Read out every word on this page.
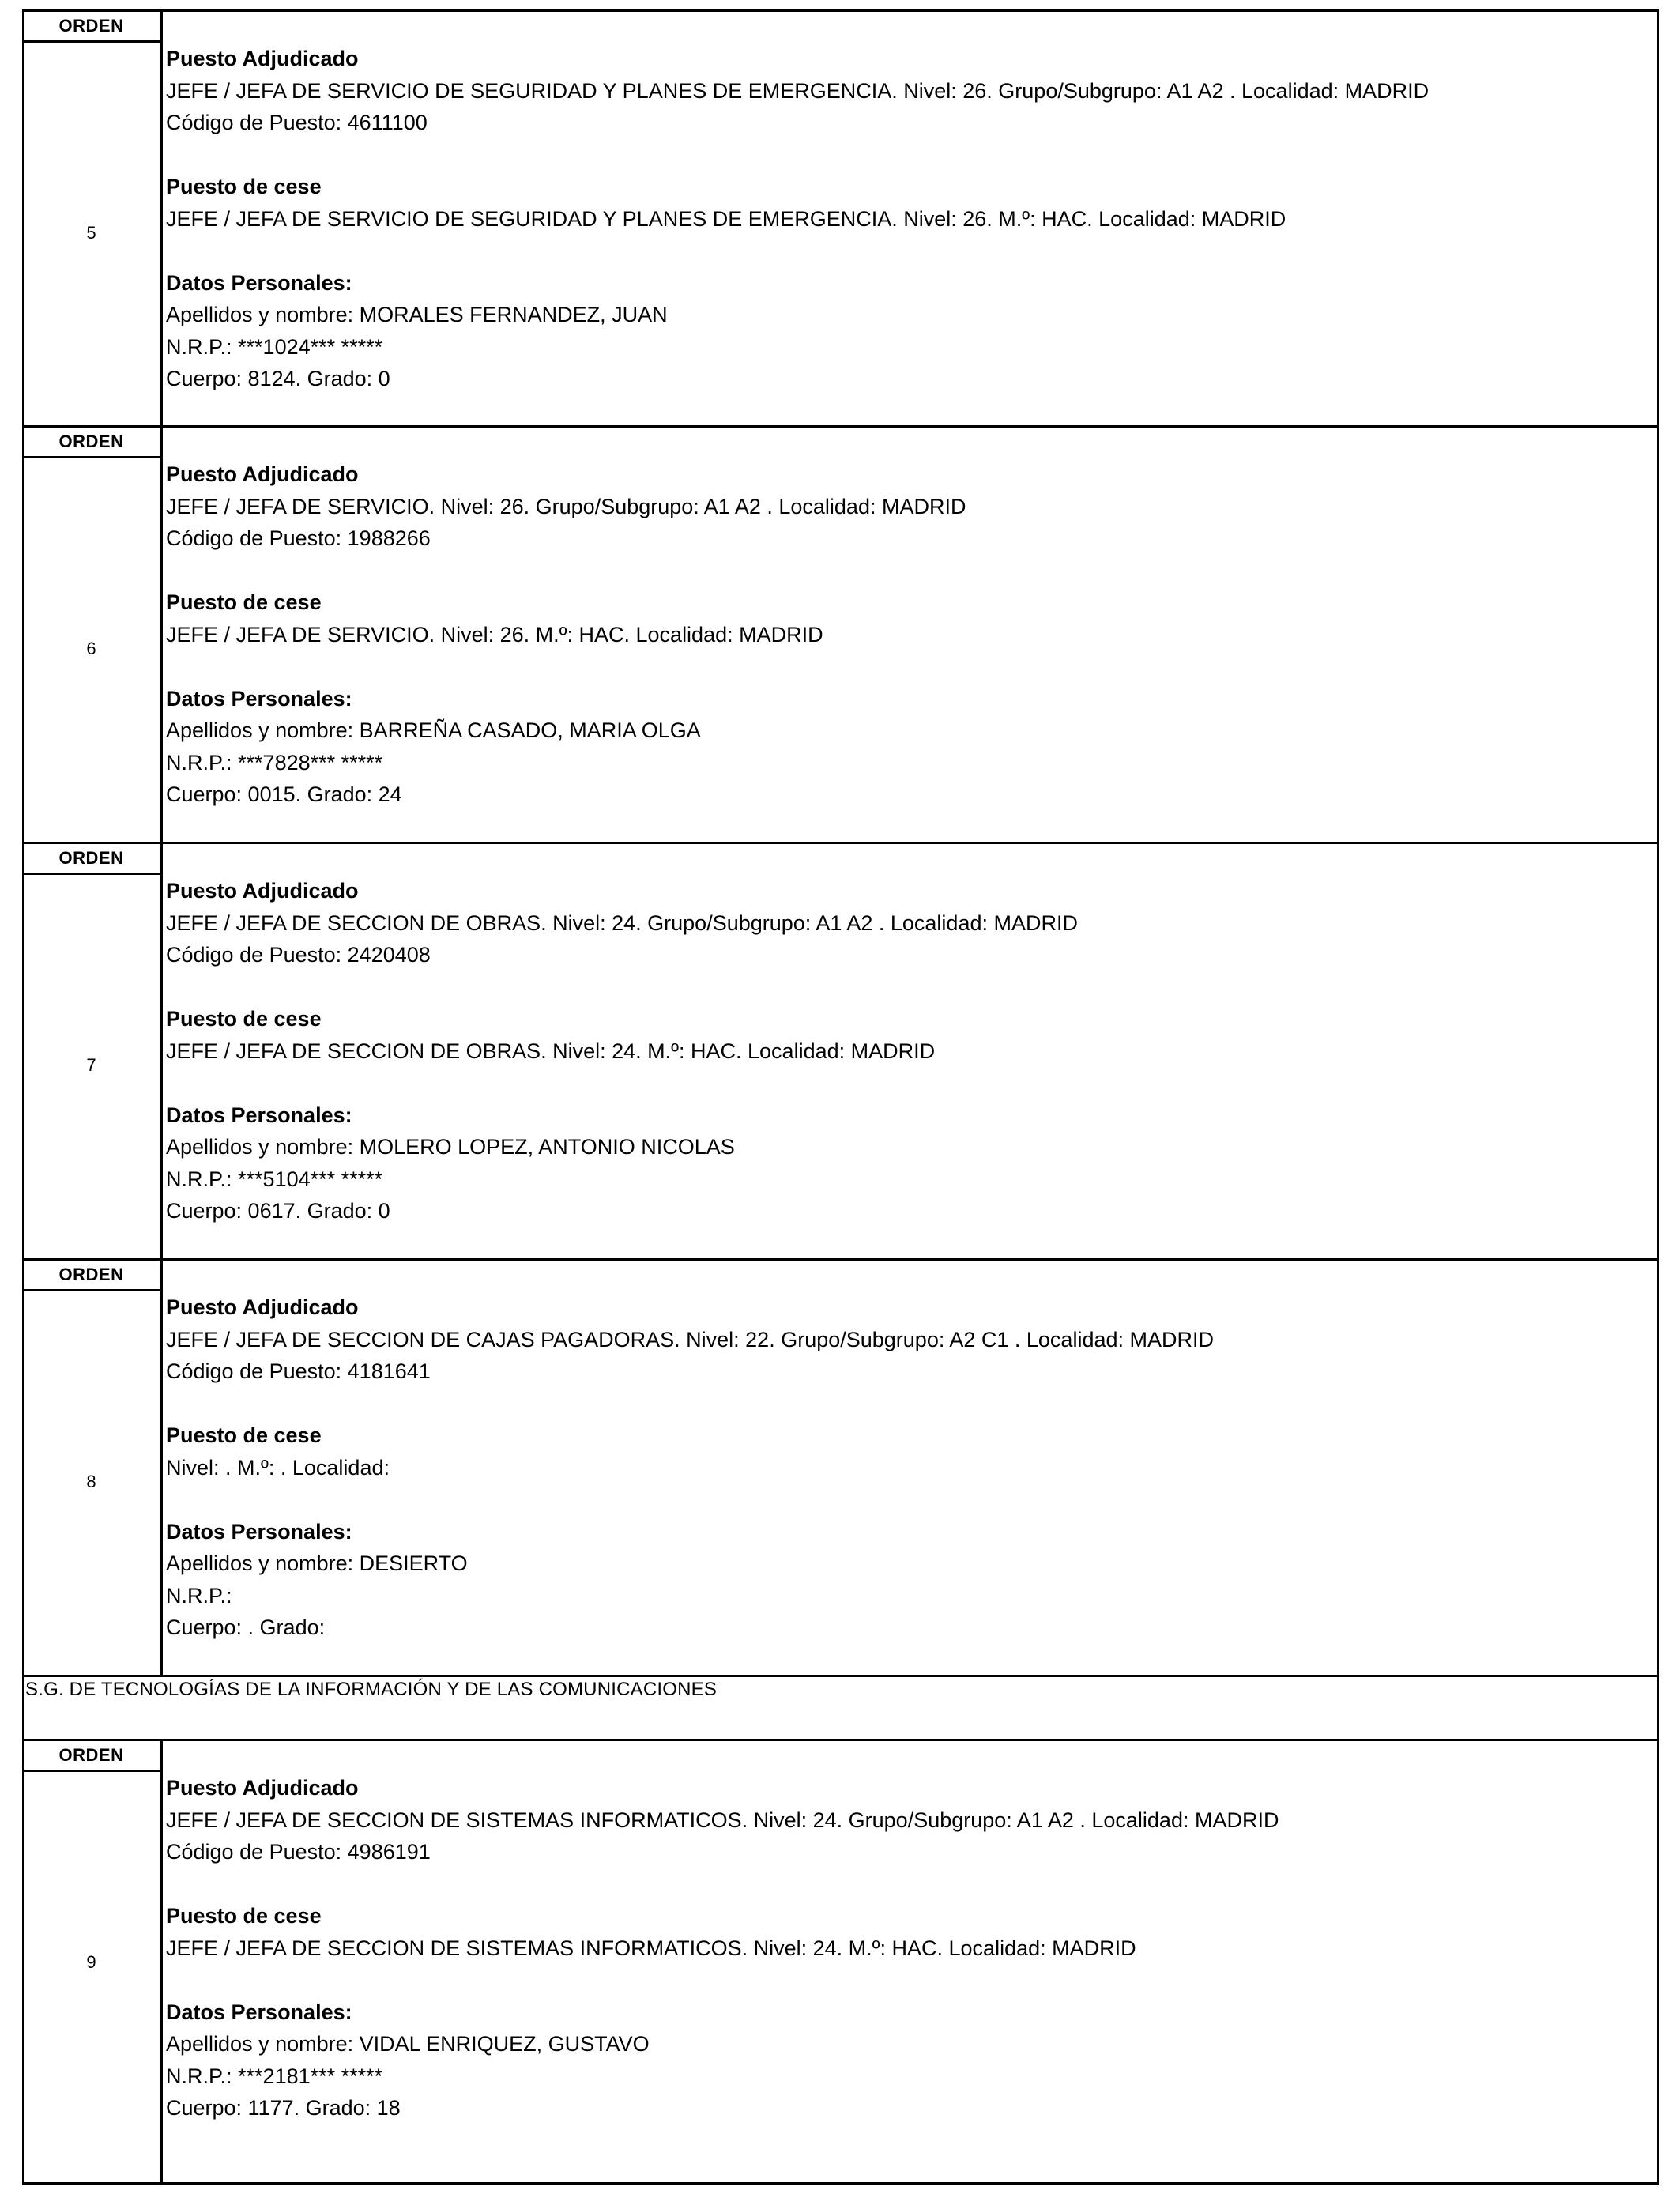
ORDEN
5
Puesto Adjudicado
JEFE / JEFA DE SERVICIO DE SEGURIDAD Y PLANES DE EMERGENCIA. Nivel: 26. Grupo/Subgrupo: A1 A2 . Localidad: MADRID
Código de Puesto: 4611100
Puesto de cese
JEFE / JEFA DE SERVICIO DE SEGURIDAD Y PLANES DE EMERGENCIA. Nivel: 26. M.º: HAC. Localidad: MADRID
Datos Personales:
Apellidos y nombre: MORALES FERNANDEZ, JUAN
N.R.P.: ***1024*** *****
Cuerpo: 8124. Grado: 0
ORDEN
6
Puesto Adjudicado
JEFE / JEFA DE SERVICIO. Nivel: 26. Grupo/Subgrupo: A1 A2 . Localidad: MADRID
Código de Puesto: 1988266
Puesto de cese
JEFE / JEFA DE SERVICIO. Nivel: 26. M.º: HAC. Localidad: MADRID
Datos Personales:
Apellidos y nombre: BARREÑA CASADO, MARIA OLGA
N.R.P.: ***7828*** *****
Cuerpo: 0015. Grado: 24
ORDEN
7
Puesto Adjudicado
JEFE / JEFA DE SECCION DE OBRAS. Nivel: 24. Grupo/Subgrupo: A1 A2 . Localidad: MADRID
Código de Puesto: 2420408
Puesto de cese
JEFE / JEFA DE SECCION DE OBRAS. Nivel: 24. M.º: HAC. Localidad: MADRID
Datos Personales:
Apellidos y nombre: MOLERO LOPEZ, ANTONIO NICOLAS
N.R.P.: ***5104*** *****
Cuerpo: 0617. Grado: 0
ORDEN
8
Puesto Adjudicado
JEFE / JEFA DE SECCION DE CAJAS PAGADORAS. Nivel: 22. Grupo/Subgrupo: A2 C1 . Localidad: MADRID
Código de Puesto: 4181641
Puesto de cese
Nivel: . M.º: . Localidad:
Datos Personales:
Apellidos y nombre: DESIERTO
N.R.P.:
Cuerpo: . Grado:
S.G. DE TECNOLOGÍAS DE LA INFORMACIÓN Y DE LAS COMUNICACIONES
ORDEN
9
Puesto Adjudicado
JEFE / JEFA DE SECCION DE SISTEMAS INFORMATICOS. Nivel: 24. Grupo/Subgrupo: A1 A2 . Localidad: MADRID
Código de Puesto: 4986191
Puesto de cese
JEFE / JEFA DE SECCION DE SISTEMAS INFORMATICOS. Nivel: 24. M.º: HAC. Localidad: MADRID
Datos Personales:
Apellidos y nombre: VIDAL ENRIQUEZ, GUSTAVO
N.R.P.: ***2181*** *****
Cuerpo: 1177. Grado: 18
